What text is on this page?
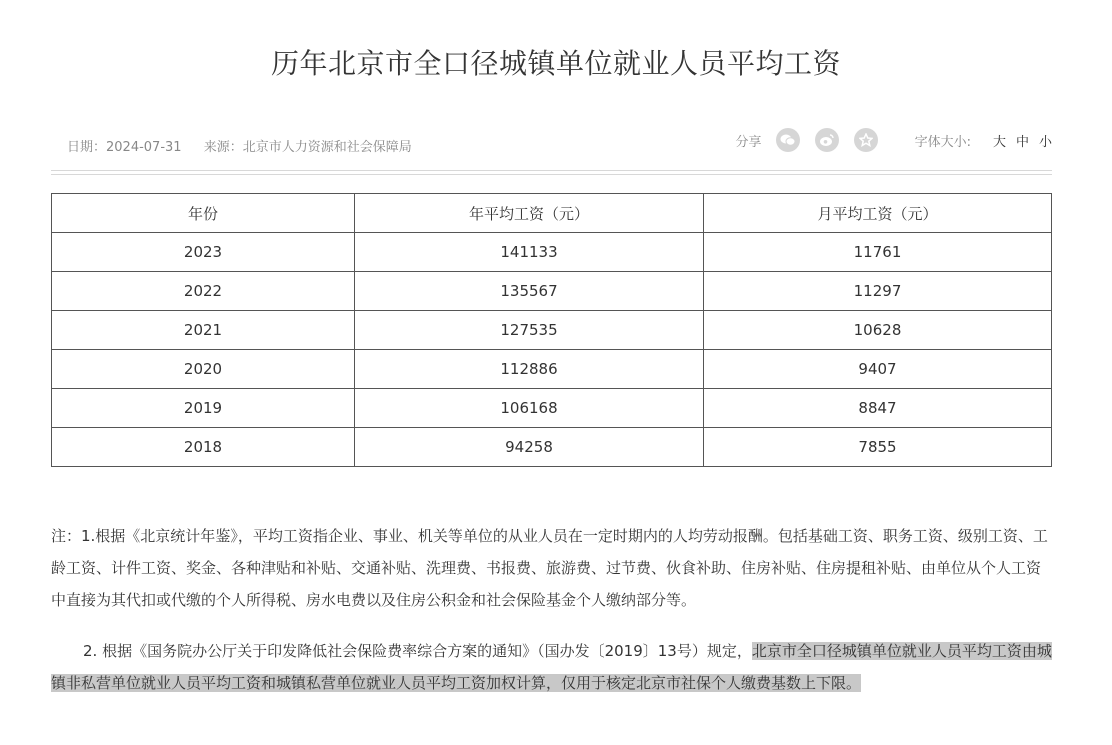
历年北京市全口径城镇单位就业人员平均工资
日期：2024-07-31 来源：北京市人力资源和社会保障局	分享	字体大小: 大 中 小
年份	年平均工资（元）	月平均工资（元）
2023	141133	11761
2022	135567	11297
2021	127535	10628
2020	112886	9407
2019	106168	8847
2018	94258	7855

注：1.根据《北京统计年鉴》，平均工资指企业、事业、机关等单位的从业人员在一定时期内的人均劳动报酬。包括基础工资、职务工资、级别工资、工龄工资、计件工资、奖金、各种津贴和补贴、交通补贴、洗理费、书报费、旅游费、过节费、伙食补助、住房补贴、住房提租补贴、由单位从个人工资中直接为其代扣或代缴的个人所得税、房水电费以及住房公积金和社会保险基金个人缴纳部分等。

2. 根据《国务院办公厅关于印发降低社会保险费率综合方案的通知》（国办发〔2019〕13号）规定，北京市全口径城镇单位就业人员平均工资由城镇非私营单位就业人员平均工资和城镇私营单位就业人员平均工资加权计算，仅用于核定北京市社保个人缴费基数上下限。
